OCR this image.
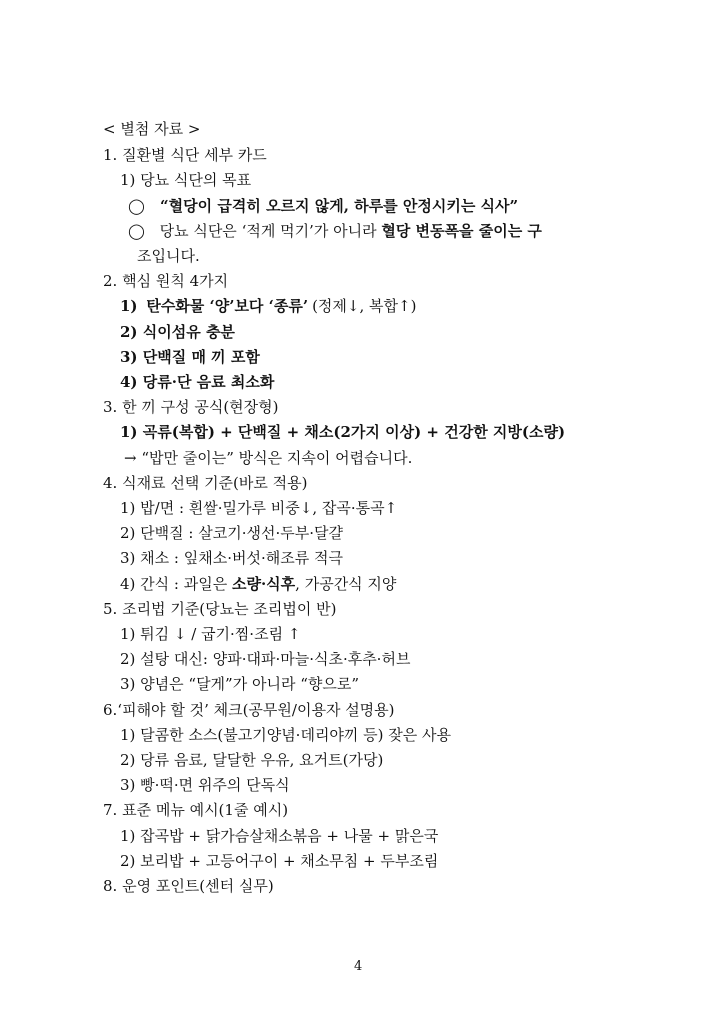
< 별첨 자료 >
1. 질환별 식단 세부 카드
1) 당뇨 식단의 목표
◯ “혈당이 급격히 오르지 않게, 하루를 안정시키는 식사”
◯ 당뇨 식단은 ‘적게 먹기’가 아니라 혈당 변동폭을 줄이는 구
조입니다.
2. 핵심 원칙 4가지
1) 탄수화물 ‘양’보다 ‘종류’ (정제↓, 복합↑)
2) 식이섬유 충분
3) 단백질 매 끼 포함
4) 당류·단 음료 최소화
3. 한 끼 구성 공식(현장형)
1) 곡류(복합) + 단백질 + 채소(2가지 이상) + 건강한 지방(소량)
→ “밥만 줄이는” 방식은 지속이 어렵습니다.
4. 식재료 선택 기준(바로 적용)
1) 밥/면 : 흰쌀·밀가루 비중↓, 잡곡·통곡↑
2) 단백질 : 살코기·생선·두부·달걀
3) 채소 : 잎채소·버섯·해조류 적극
4) 간식 : 과일은 소량·식후, 가공간식 지양
5. 조리법 기준(당뇨는 조리법이 반)
1) 튀김 ↓ / 굽기·찜·조림 ↑
2) 설탕 대신: 양파·대파·마늘·식초·후추·허브
3) 양념은 “달게”가 아니라 “향으로”
6.‘피해야 할 것’ 체크(공무원/이용자 설명용)
1) 달콤한 소스(불고기양념·데리야끼 등) 잦은 사용
2) 당류 음료, 달달한 우유, 요거트(가당)
3) 빵·떡·면 위주의 단독식
7. 표준 메뉴 예시(1줄 예시)
1) 잡곡밥 + 닭가슴살채소볶음 + 나물 + 맑은국
2) 보리밥 + 고등어구이 + 채소무침 + 두부조림
8. 운영 포인트(센터 실무)
4
